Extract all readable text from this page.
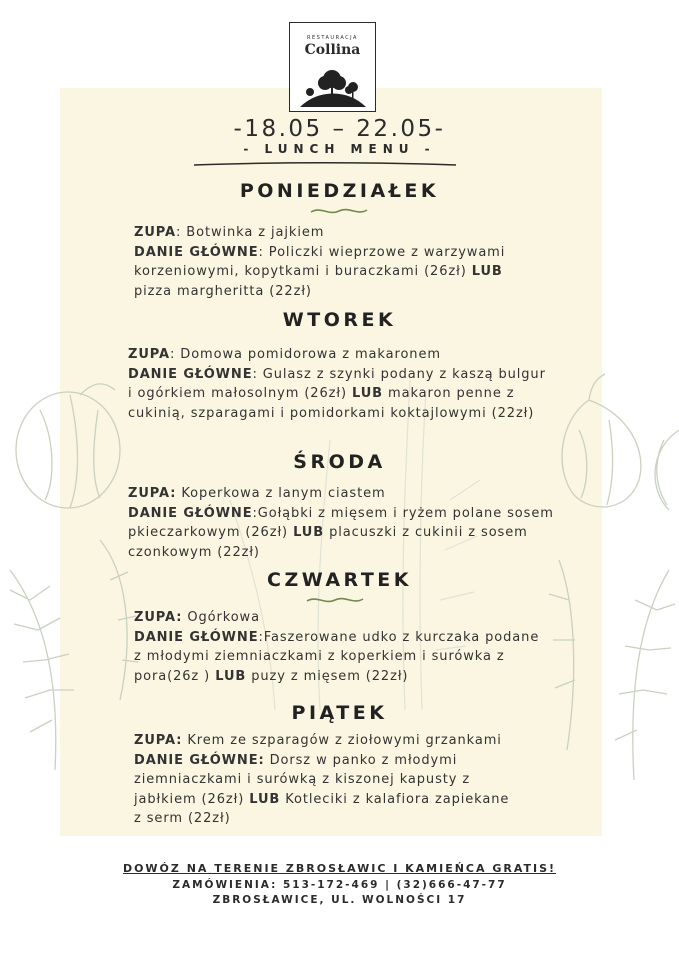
RESTAURACJA
Collina
-18.05 – 22.05-
- LUNCH MENU -
PONIEDZIAŁEK
ZUPA: Botwinka z jajkiem
DANIE GŁÓWNE: Policzki wieprzowe z warzywami
korzeniowymi, kopytkami i buraczkami (26zł) LUB
pizza margheritta (22zł)
WTOREK
ZUPA: Domowa pomidorowa z makaronem
DANIE GŁÓWNE: Gulasz z szynki podany z kaszą bulgur
i ogórkiem małosolnym (26zł) LUB makaron penne z
cukinią, szparagami i pomidorkami koktajlowymi (22zł)
ŚRODA
ZUPA: Koperkowa z lanym ciastem
DANIE GŁÓWNE:Gołąbki z mięsem i ryżem polane sosem
pkieczarkowym (26zł) LUB placuszki z cukinii z sosem
czonkowym (22zł)
CZWARTEK
ZUPA: Ogórkowa
DANIE GŁÓWNE:Faszerowane udko z kurczaka podane
z młodymi ziemniaczkami z koperkiem i surówka z
pora(26z ) LUB puzy z mięsem (22zł)
PIĄTEK
ZUPA: Krem ze szparagów z ziołowymi grzankami
DANIE GŁÓWNE: Dorsz w panko z młodymi
ziemniaczkami i surówką z kiszonej kapusty z
jabłkiem (26zł) LUB Kotleciki z kalafiora zapiekane
z serm (22zł)
DOWÓZ NA TERENIE ZBROSŁAWIC I KAMIEŃCA GRATIS!
ZAMÓWIENIA: 513-172-469 | (32)666-47-77
ZBROSŁAWICE, UL. WOLNOŚCI 17
